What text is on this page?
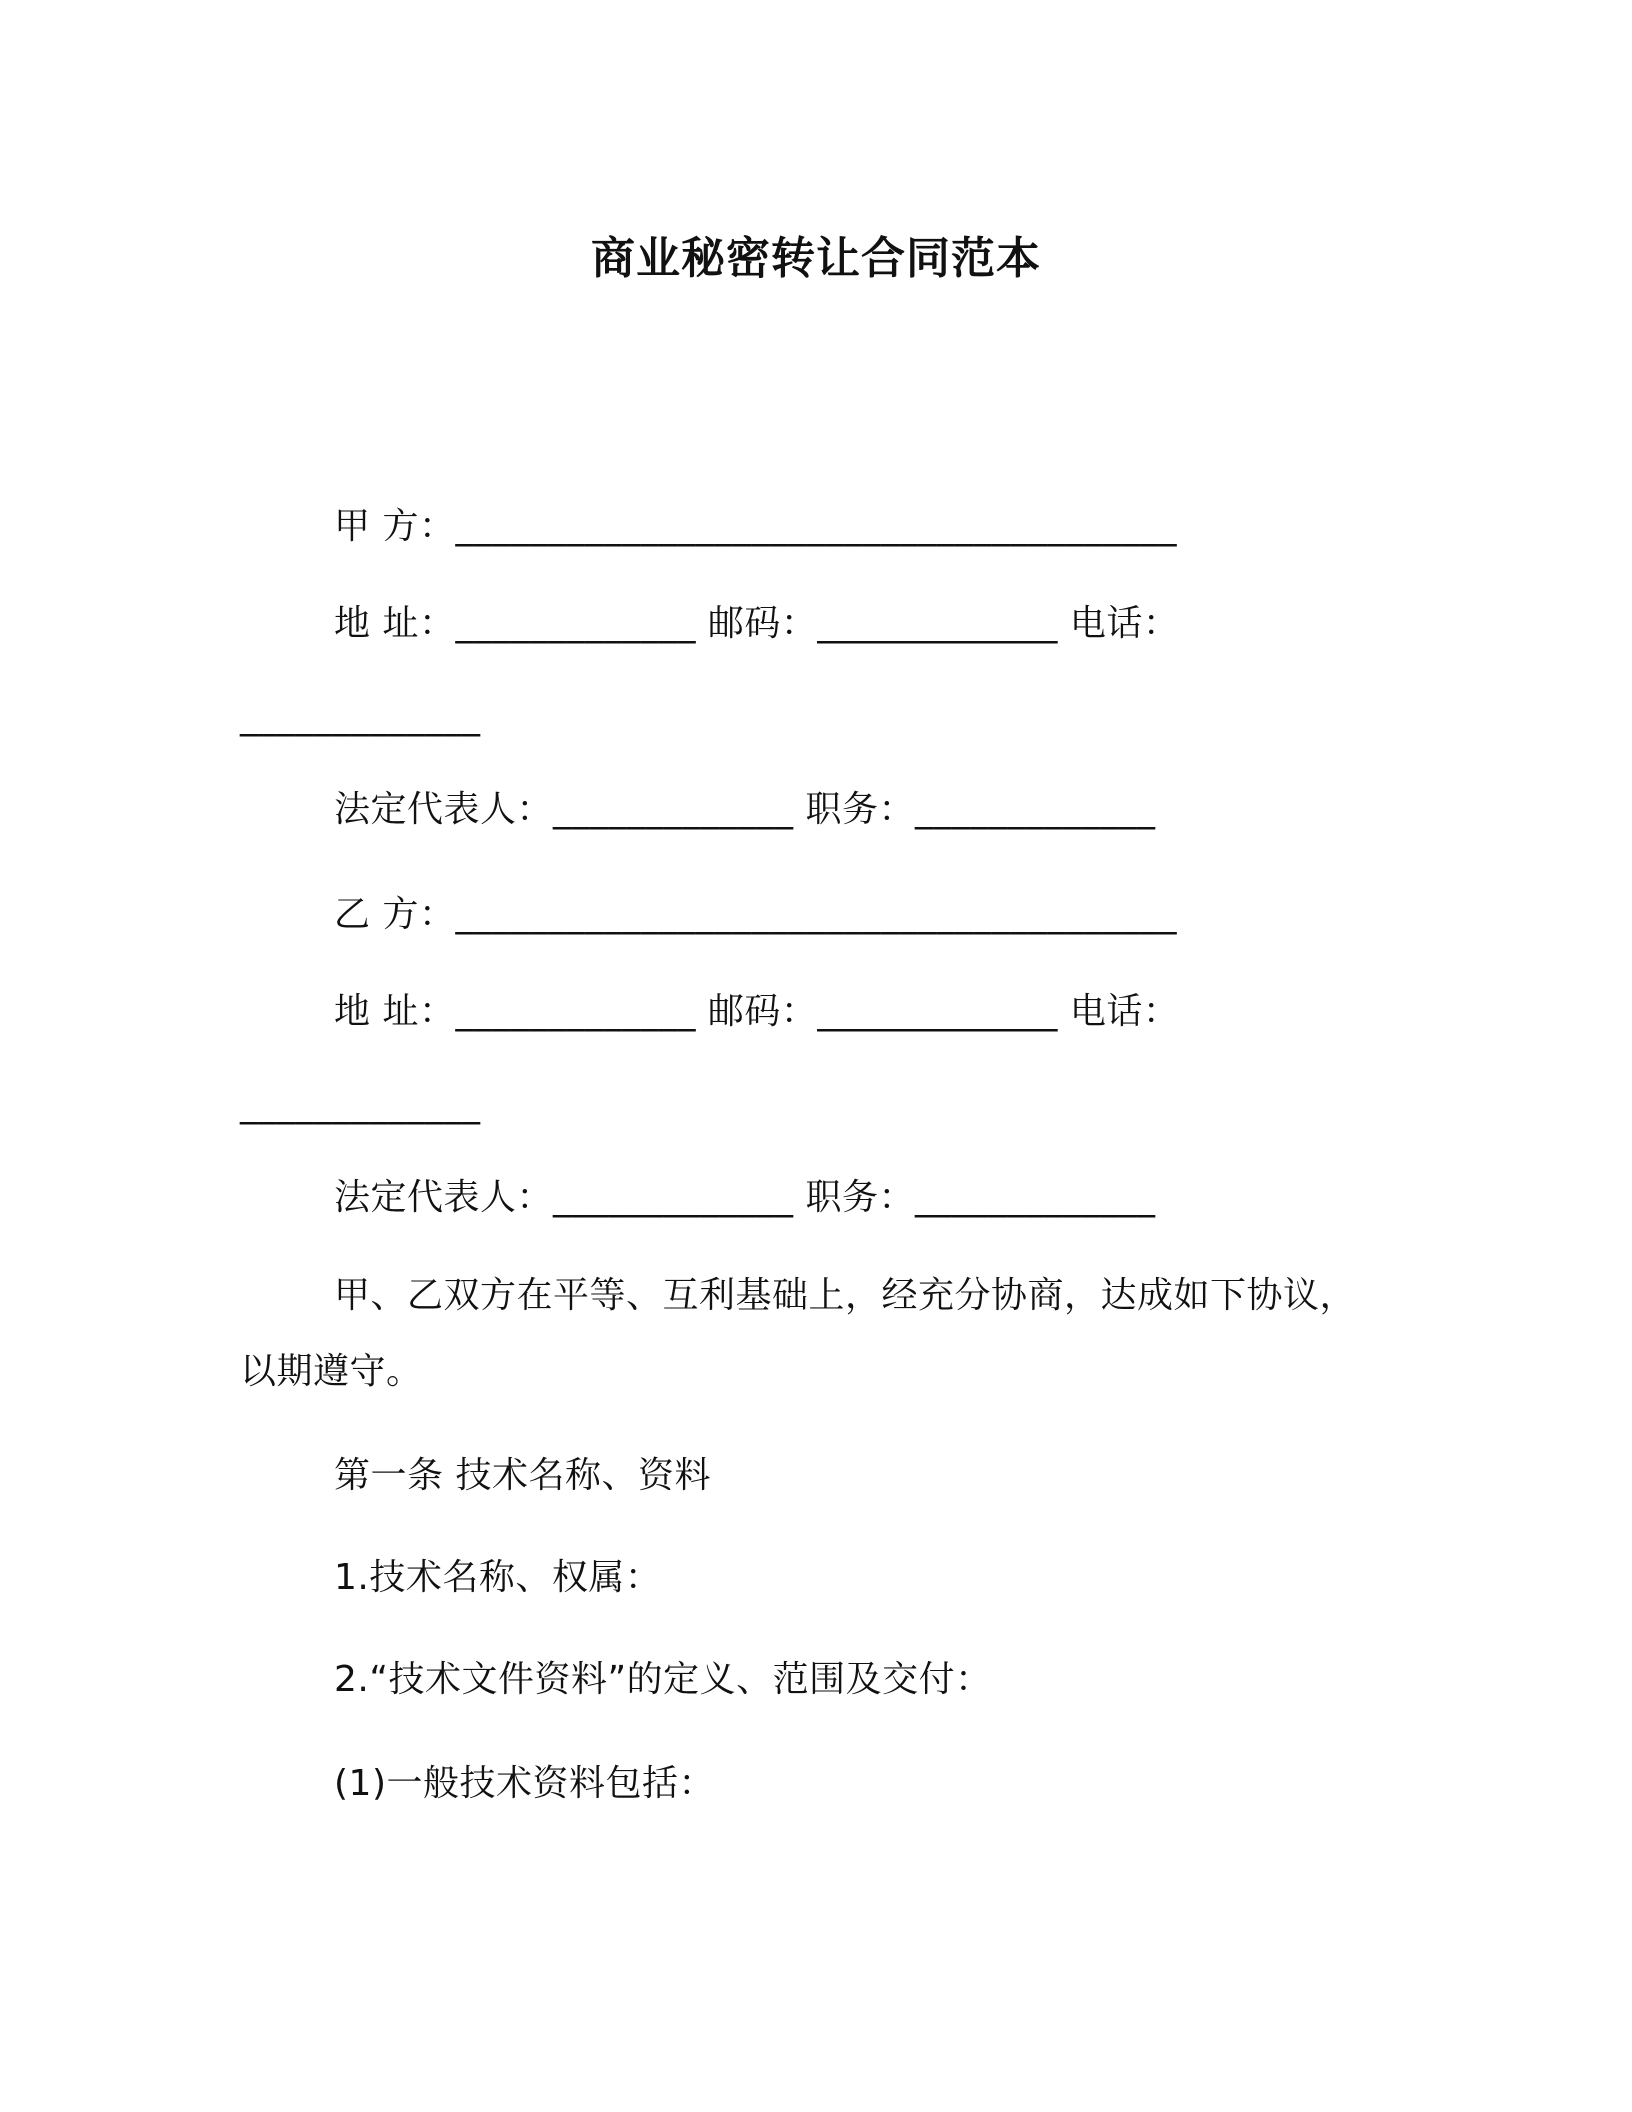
商业秘密转让合同范本
甲 方：_______________________________________
地 址：_____________ 邮码：_____________ 电话：
_____________
法定代表人：_____________ 职务：_____________
乙 方：_______________________________________
地 址：_____________ 邮码：_____________ 电话：
_____________
法定代表人：_____________ 职务：_____________
甲、乙双方在平等、互利基础上，经充分协商，达成如下协议，
以期遵守。
第一条 技术名称、资料
1.技术名称、权属：
2.“技术文件资料”的定义、范围及交付：
(1)一般技术资料包括：
